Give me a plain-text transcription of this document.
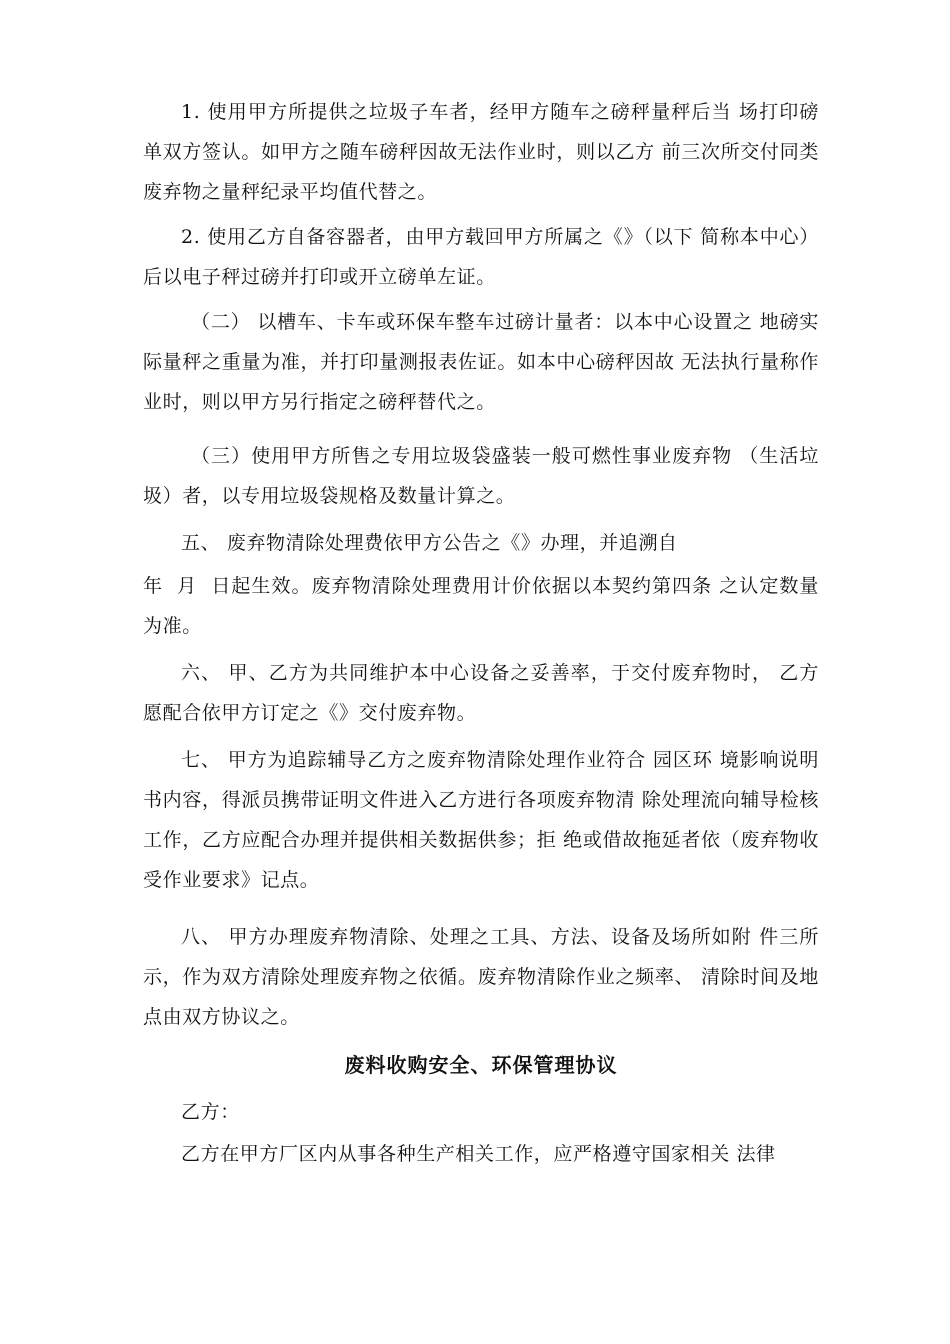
1. 使用甲方所提供之垃圾子车者，经甲方随车之磅秤量秤后当 场打印磅单双方签认。如甲方之随车磅秤因故无法作业时，则以乙方 前三次所交付同类废弃物之量秤纪录平均值代替之。

2. 使用乙方自备容器者，由甲方载回甲方所属之《》（以下 简称本中心）后以电子秤过磅并打印或开立磅单左证。

（二） 以槽车、卡车或环保车整车过磅计量者：以本中心设置之 地磅实际量秤之重量为准，并打印量测报表佐证。如本中心磅秤因故 无法执行量称作业时，则以甲方另行指定之磅秤替代之。

（三）使用甲方所售之专用垃圾袋盛装一般可燃性事业废弃物 （生活垃圾）者，以专用垃圾袋规格及数量计算之。

五、 废弃物清除处理费依甲方公告之《》办理，并追溯自

年  月  日起生效。废弃物清除处理费用计价依据以本契约第四条 之认定数量为准。

六、 甲、乙方为共同维护本中心设备之妥善率，于交付废弃物时， 乙方愿配合依甲方订定之《》交付废弃物。

七、 甲方为追踪辅导乙方之废弃物清除处理作业符合 园区环 境影响说明书内容，得派员携带证明文件进入乙方进行各项废弃物清 除处理流向辅导检核工作，乙方应配合办理并提供相关数据供参；拒 绝或借故拖延者依（废弃物收受作业要求》记点。

八、 甲方办理废弃物清除、处理之工具、方法、设备及场所如附 件三所示，作为双方清除处理废弃物之依循。废弃物清除作业之频率、 清除时间及地点由双方协议之。

废料收购安全、环保管理协议

乙方：

乙方在甲方厂区内从事各种生产相关工作，应严格遵守国家相关 法律
